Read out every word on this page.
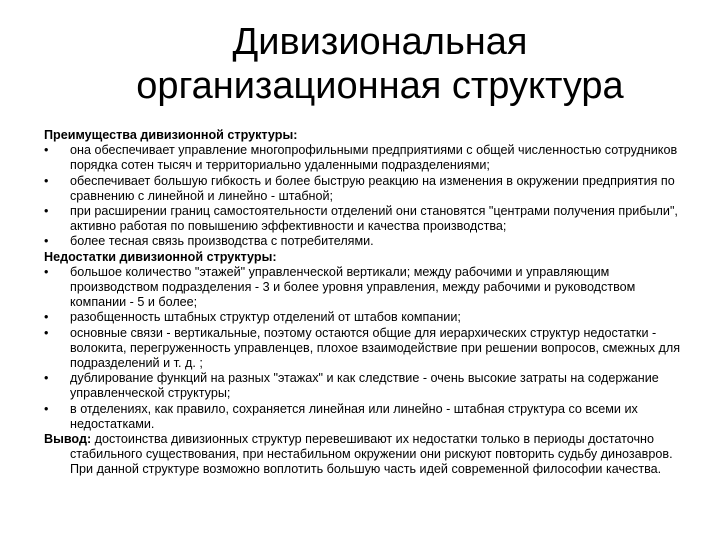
Дивизиональная
организационная структура

Преимущества дивизионной структуры:

•	она обеспечивает управление многопрофильными предприятиями с общей численностью сотрудников порядка сотен тысяч и территориально удаленными подразделениями;

•	обеспечивает большую гибкость и более быструю реакцию на изменения в окружении предприятия по сравнению с линейной и линейно - штабной;

•	при расширении границ самостоятельности отделений они становятся "центрами получения прибыли", активно работая по повышению эффективности и качества производства;

•	более тесная связь производства с потребителями.

Недостатки дивизионной структуры:

•	большое количество "этажей" управленческой вертикали; между рабочими и управляющим производством подразделения - 3 и более уровня управления, между рабочими и руководством компании - 5 и более;

•	разобщенность штабных структур отделений от штабов компании;

•	основные связи - вертикальные, поэтому остаются общие для иерархических структур недостатки - волокита, перегруженность управленцев, плохое взаимодействие при решении вопросов, смежных для подразделений и т. д. ;

•	дублирование функций на разных "этажах" и как следствие - очень высокие затраты на содержание управленческой структуры;

•	в отделениях, как правило, сохраняется линейная или линейно - штабная структура со всеми их недостатками.

Вывод: достоинства дивизионных структур перевешивают их недостатки только в периоды достаточно стабильного существования, при нестабильном окружении они рискуют повторить судьбу динозавров. При данной структуре возможно воплотить большую часть идей современной философии качества.
